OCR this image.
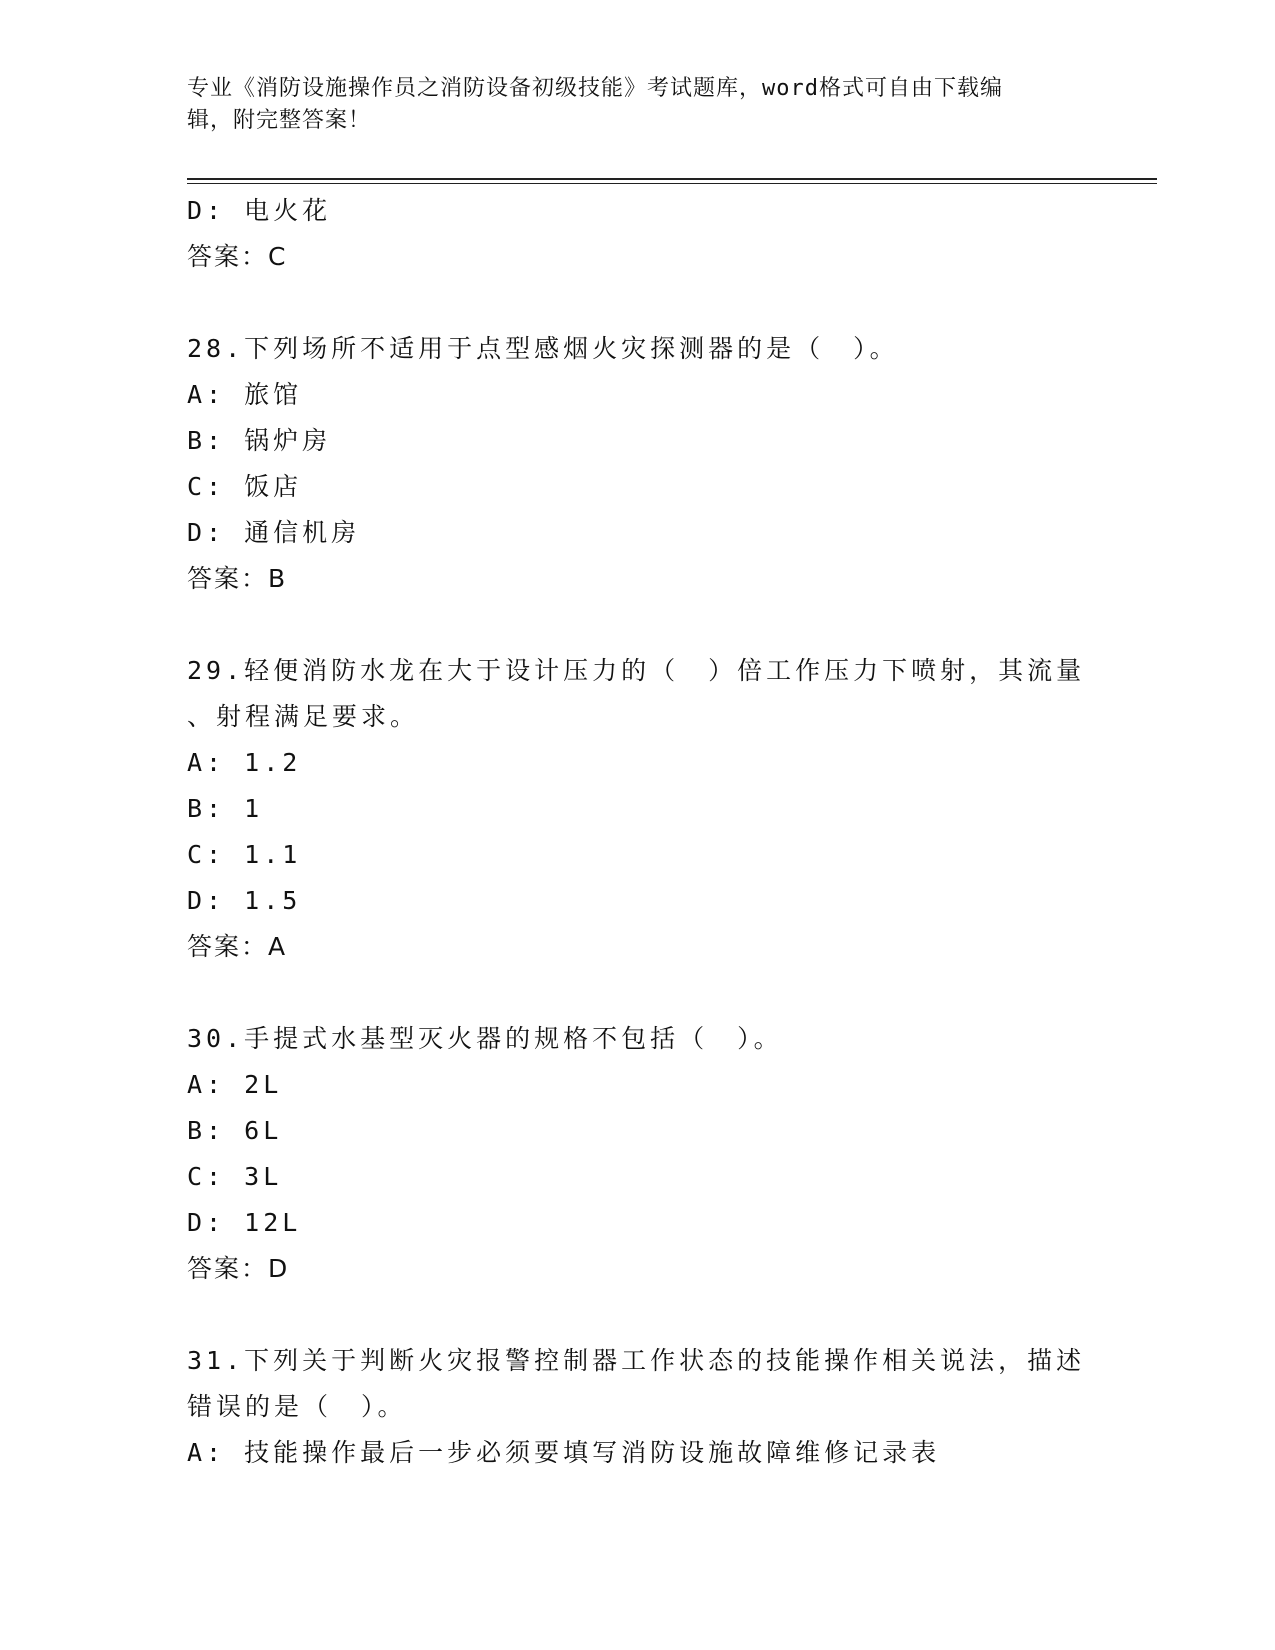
专业《消防设施操作员之消防设备初级技能》考试题库，word格式可自由下载编
辑，附完整答案！
D: 电火花
答案：C
28.下列场所不适用于点型感烟火灾探测器的是（　）。
A: 旅馆
B: 锅炉房
C: 饭店
D: 通信机房
答案：B
29.轻便消防水龙在大于设计压力的（　）倍工作压力下喷射，其流量
、射程满足要求。
A: 1.2
B: 1
C: 1.1
D: 1.5
答案：A
30.手提式水基型灭火器的规格不包括（　）。
A: 2L
B: 6L
C: 3L
D: 12L
答案：D
31.下列关于判断火灾报警控制器工作状态的技能操作相关说法，描述
错误的是（　）。
A: 技能操作最后一步必须要填写消防设施故障维修记录表
